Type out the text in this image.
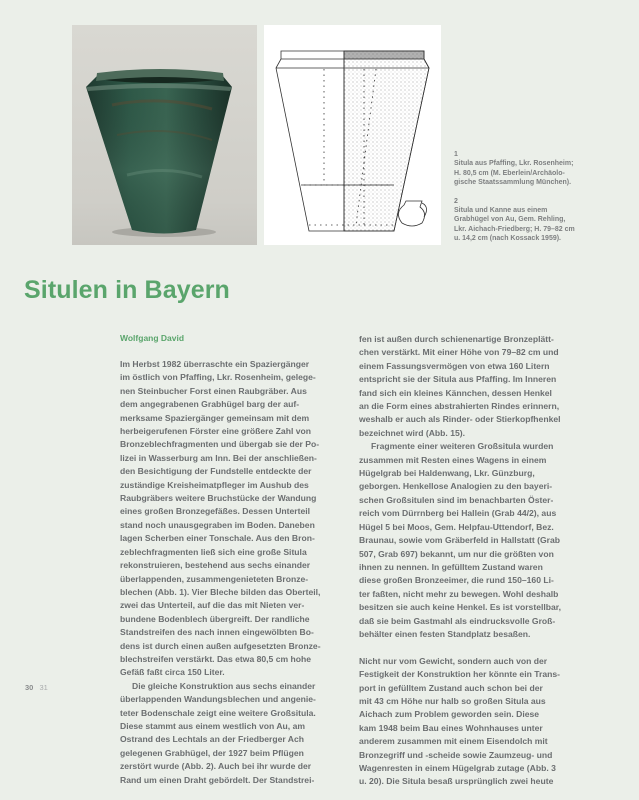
1
Situla aus Pfaffing, Lkr. Rosenheim;
H. 80,5 cm (M. Eberlein/Archäolo-
gische Staatssammlung München).
2
Situla und Kanne aus einem
Grabhügel von Au, Gem. Rehling,
Lkr. Aichach-Friedberg; H. 79–82 cm
u. 14,2 cm (nach Kossack 1959).
Situlen in Bayern
Wolfgang David

Im Herbst 1982 überraschte ein Spaziergänger

im östlich von Pfaffing, Lkr. Rosenheim, gelege-

nen Steinbucher Forst einen Raubgräber. Aus

dem angegrabenen Grabhügel barg der auf-

merksame Spaziergänger gemeinsam mit dem

herbeigerufenen Förster eine größere Zahl von

Bronzeblechfragmenten und übergab sie der Po-

lizei in Wasserburg am Inn. Bei der anschließen-

den Besichtigung der Fundstelle entdeckte der

zuständige Kreisheimatpfleger im Aushub des

Raubgräbers weitere Bruchstücke der Wandung

eines großen Bronzegefäßes. Dessen Unterteil

stand noch unausgegraben im Boden. Daneben

lagen Scherben einer Tonschale. Aus den Bron-

zeblechfragmenten ließ sich eine große Situla

rekonstruieren, bestehend aus sechs einander

überlappenden, zusammengenieteten Bronze-

blechen (Abb. 1). Vier Bleche bilden das Oberteil,

zwei das Unterteil, auf die das mit Nieten ver-

bundene Bodenblech übergreift. Der randliche

Standstreifen des nach innen eingewölbten Bo-

dens ist durch einen außen aufgesetzten Bronze-

blechstreifen verstärkt. Das etwa 80,5 cm hohe

Gefäß faßt circa 150 Liter.

Die gleiche Konstruktion aus sechs einander

überlappenden Wandungsblechen und angenie-

teter Bodenschale zeigt eine weitere Großsitula.

Diese stammt aus einem westlich von Au, am

Ostrand des Lechtals an der Friedberger Ach

gelegenen Grabhügel, der 1927 beim Pflügen

zerstört wurde (Abb. 2). Auch bei ihr wurde der

Rand um einen Draht gebördelt. Der Standstrei-

fen ist außen durch schienenartige Bronzeplätt-

chen verstärkt. Mit einer Höhe von 79–82 cm und

einem Fassungsvermögen von etwa 160 Litern

entspricht sie der Situla aus Pfaffing. Im Inneren

fand sich ein kleines Kännchen, dessen Henkel

an die Form eines abstrahierten Rindes erinnern,

weshalb er auch als Rinder- oder Stierkopfhenkel

bezeichnet wird (Abb. 15).

Fragmente einer weiteren Großsitula wurden

zusammen mit Resten eines Wagens in einem

Hügelgrab bei Haldenwang, Lkr. Günzburg,

geborgen. Henkellose Analogien zu den bayeri-

schen Großsitulen sind im benachbarten Öster-

reich vom Dürrnberg bei Hallein (Grab 44/2), aus

Hügel 5 bei Moos, Gem. Helpfau-Uttendorf, Bez.

Braunau, sowie vom Gräberfeld in Hallstatt (Grab

507, Grab 697) bekannt, um nur die größten von

ihnen zu nennen. In gefülltem Zustand waren

diese großen Bronzeeimer, die rund 150–160 Li-

ter faßten, nicht mehr zu bewegen. Wohl deshalb

besitzen sie auch keine Henkel. Es ist vorstellbar,

daß sie beim Gastmahl als eindrucksvolle Groß-

behälter einen festen Standplatz besaßen.

Nicht nur vom Gewicht, sondern auch von der

Festigkeit der Konstruktion her könnte ein Trans-

port in gefülltem Zustand auch schon bei der

mit 43 cm Höhe nur halb so großen Situla aus

Aichach zum Problem geworden sein. Diese

kam 1948 beim Bau eines Wohnhauses unter

anderem zusammen mit einem Eisendolch mit

Bronzegriff und -scheide sowie Zaumzeug- und

Wagenresten in einem Hügelgrab zutage (Abb. 3

u. 20). Die Situla besaß ursprünglich zwei heute

30 31
